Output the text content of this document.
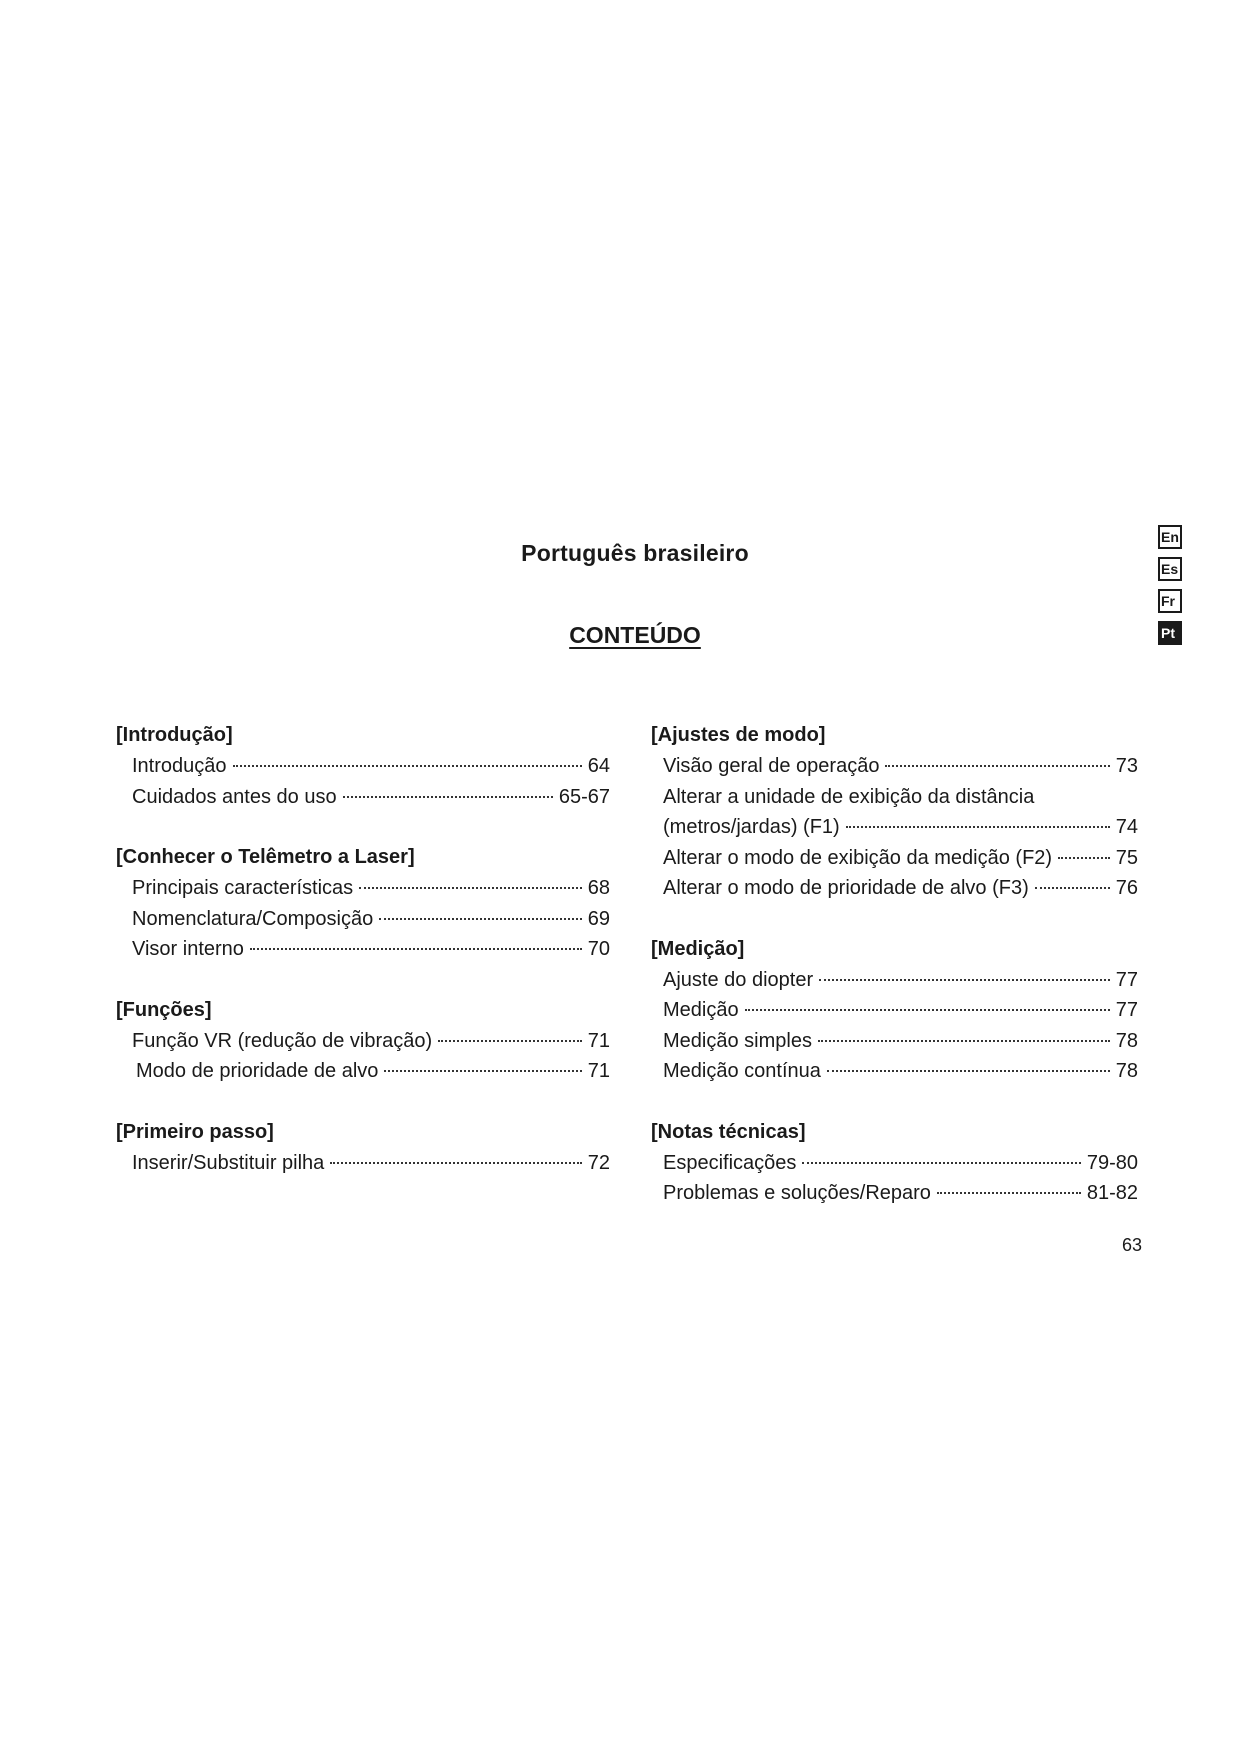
Português brasileiro
CONTEÚDO
En
Es
Fr
Pt
[Introdução]
Introdução	64
Cuidados antes do uso	65-67
[Conhecer o Telêmetro a Laser]
Principais características	68
Nomenclatura/Composição	69
Visor interno	70
[Funções]
Função VR (redução de vibração)	71
Modo de prioridade de alvo	71
[Primeiro passo]
Inserir/Substituir pilha	72
[Ajustes de modo]
Visão geral de operação	73
Alterar a unidade de exibição da distância
(metros/jardas) (F1)	74
Alterar o modo de exibição da medição (F2)	75
Alterar o modo de prioridade de alvo (F3)	76
[Medição]
Ajuste do diopter	77
Medição	77
Medição simples	78
Medição contínua	78
[Notas técnicas]
Especificações	79-80
Problemas e soluções/Reparo	81-82
63
